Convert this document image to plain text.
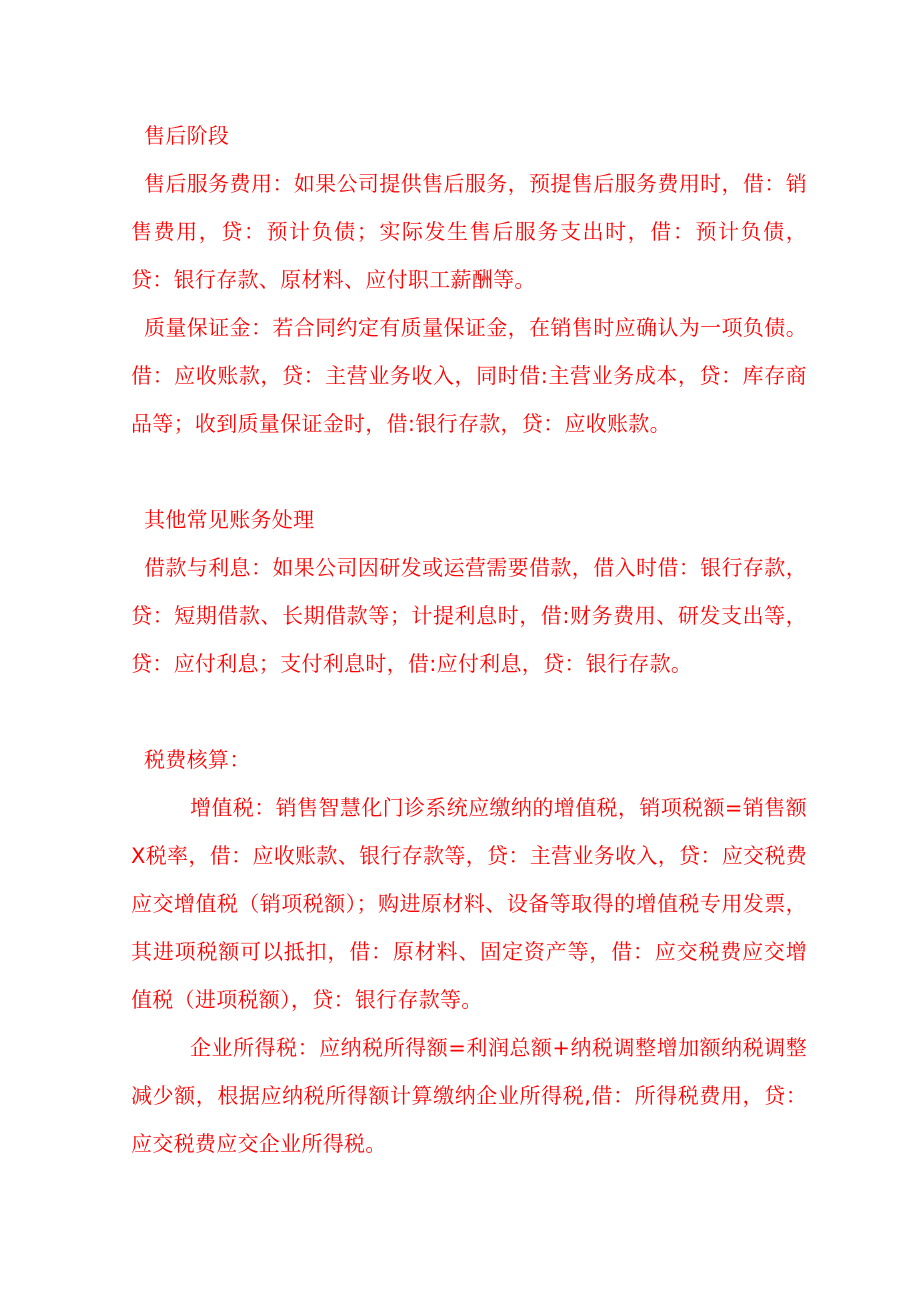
售后阶段

售后服务费用：如果公司提供售后服务，预提售后服务费用时，借：销售费用，贷：预计负债；实际发生售后服务支出时，借：预计负债，贷：银行存款、原材料、应付职工薪酬等。

质量保证金：若合同约定有质量保证金，在销售时应确认为一项负债。借：应收账款，贷：主营业务收入，同时借:主营业务成本，贷：库存商品等；收到质量保证金时，借:银行存款，贷：应收账款。

其他常见账务处理

借款与利息：如果公司因研发或运营需要借款，借入时借：银行存款，贷：短期借款、长期借款等；计提利息时，借:财务费用、研发支出等，贷：应付利息；支付利息时，借:应付利息，贷：银行存款。

税费核算：

增值税：销售智慧化门诊系统应缴纳的增值税，销项税额=销售额X税率，借：应收账款、银行存款等，贷：主营业务收入，贷：应交税费应交增值税（销项税额）；购进原材料、设备等取得的增值税专用发票，其进项税额可以抵扣，借：原材料、固定资产等，借：应交税费应交增值税（进项税额），贷：银行存款等。

企业所得税：应纳税所得额=利润总额+纳税调整增加额纳税调整减少额，根据应纳税所得额计算缴纳企业所得税,借：所得税费用，贷：应交税费应交企业所得税。
